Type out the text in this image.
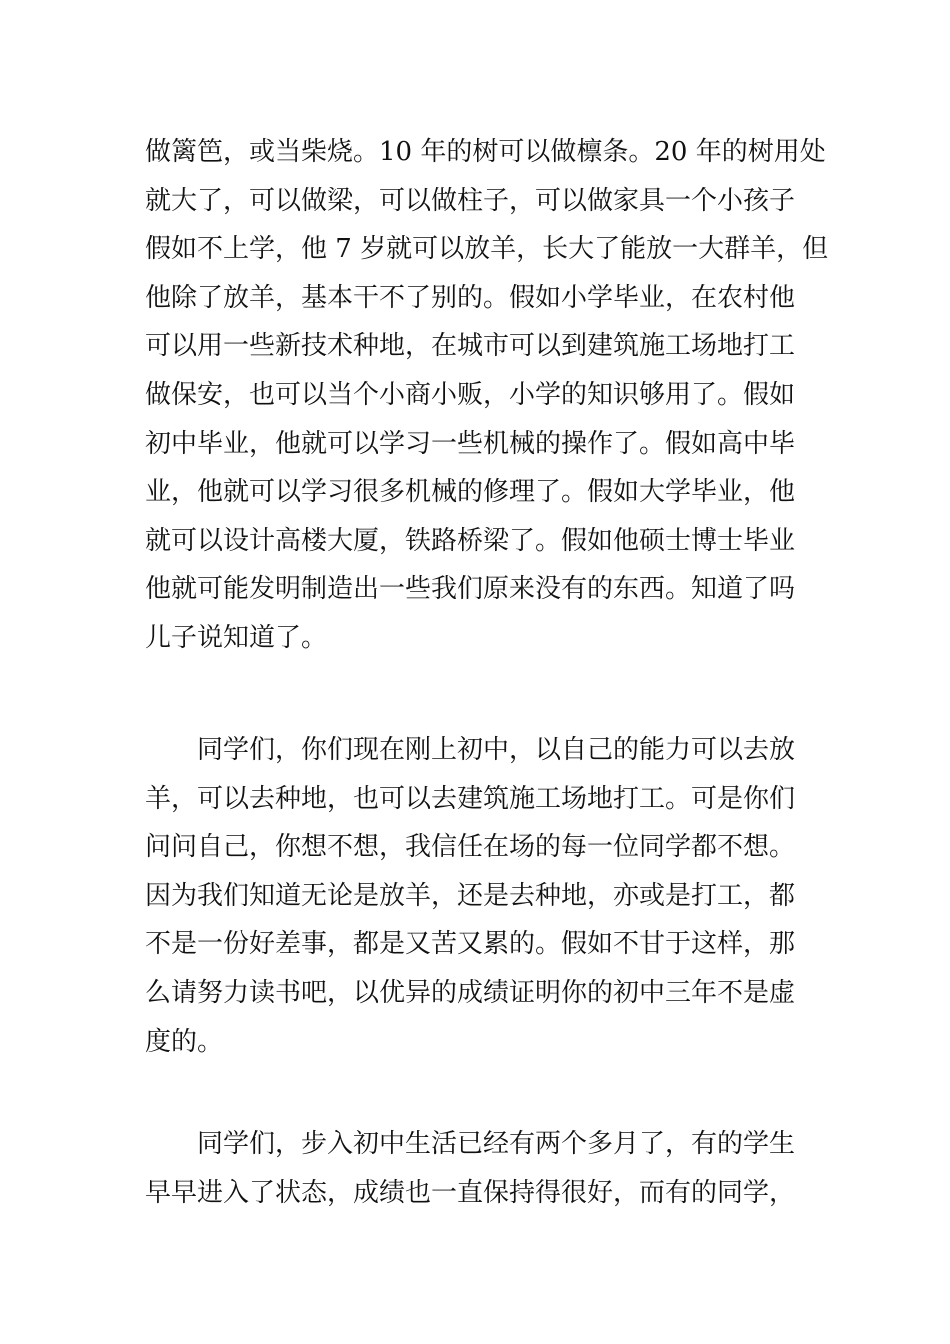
做篱笆，或当柴烧。10 年的树可以做檩条。20 年的树用处
就大了，可以做梁，可以做柱子，可以做家具一个小孩子
假如不上学，他 7 岁就可以放羊，长大了能放一大群羊，但
他除了放羊，基本干不了别的。假如小学毕业，在农村他
可以用一些新技术种地，在城市可以到建筑施工场地打工
做保安，也可以当个小商小贩，小学的知识够用了。假如
初中毕业，他就可以学习一些机械的操作了。假如高中毕
业，他就可以学习很多机械的修理了。假如大学毕业，他
就可以设计高楼大厦，铁路桥梁了。假如他硕士博士毕业
他就可能发明制造出一些我们原来没有的东西。知道了吗
儿子说知道了。
　　同学们，你们现在刚上初中，以自己的能力可以去放
羊，可以去种地，也可以去建筑施工场地打工。可是你们
问问自己，你想不想，我信任在场的每一位同学都不想。
因为我们知道无论是放羊，还是去种地，亦或是打工，都
不是一份好差事，都是又苦又累的。假如不甘于这样，那
么请努力读书吧，以优异的成绩证明你的初中三年不是虚
度的。
　　同学们，步入初中生活已经有两个多月了，有的学生
早早进入了状态，成绩也一直保持得很好，而有的同学，
